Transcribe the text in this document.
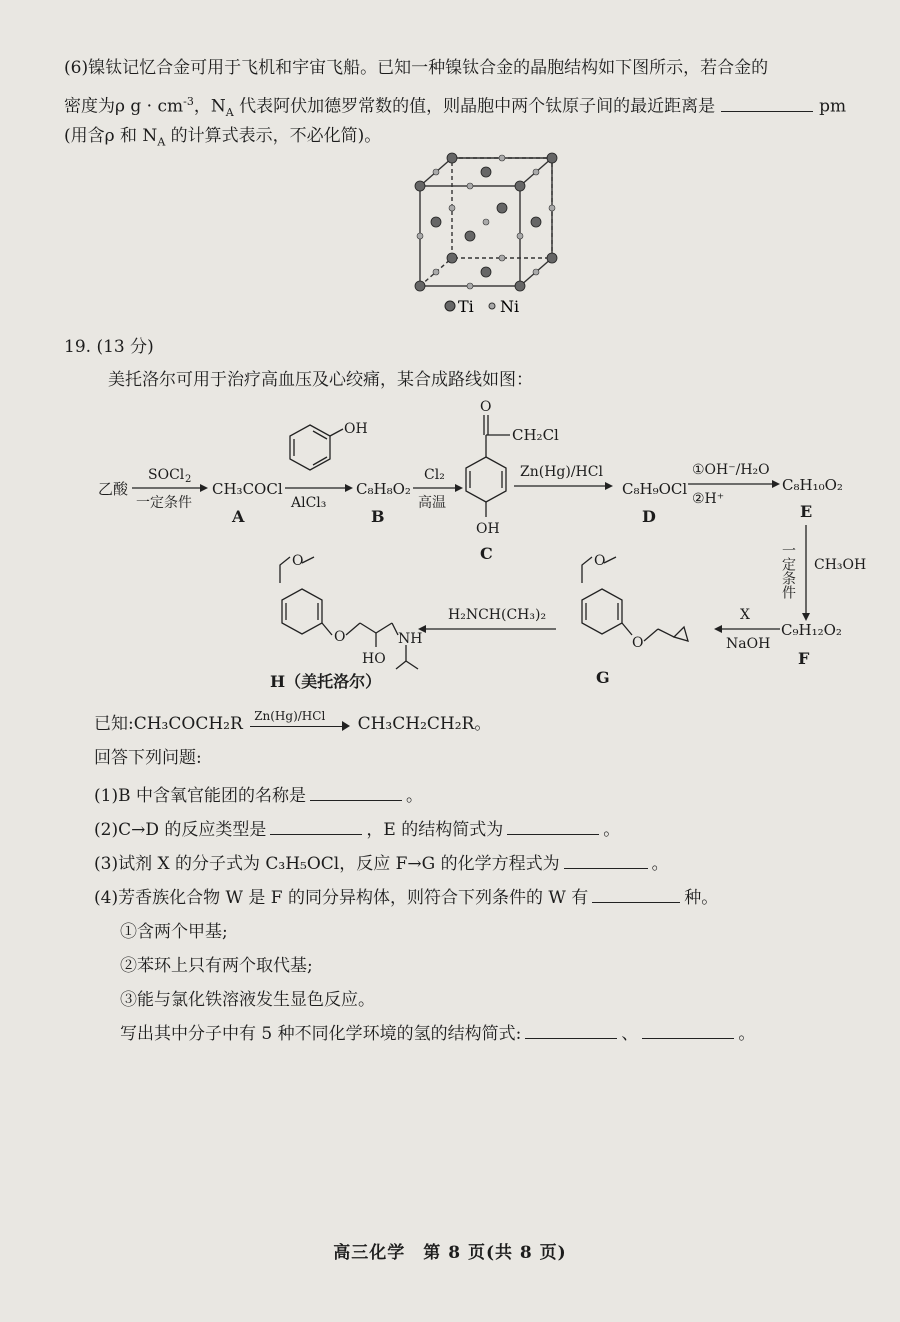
(6)镍钛记忆合金可用于飞机和宇宙飞船。已知一种镍钛合金的晶胞结构如下图所示，若合金的
密度为ρ $g \cdot cm^{-3}$，$N_A$ 代表阿伏加德罗常数的值，则晶胞中两个钛原子间的最近距离是	pm
(用含ρ 和 $N_A$ 的计算式表示，不必化简)。
Ti Ni
19. (13 分)
美托洛尔可用于治疗高血压及心绞痛，某合成路线如图：
乙酸
SOCl 2
一定条件
CH₃COCl
A
OH
AlCl₃
C₈H₈O₂
B
Cl₂
高温
O
CH₂Cl
OH
C
Zn(Hg)/HCl
C₈H₉OCl
D
①OH⁻/H₂O
②H⁺
C₈H₁₀O₂
E
一定条件 CH₃OH
C₉H₁₂O₂
F
X
NaOH
O
O
G
H₂NCH(CH₃)₂
O
O
HO
NH
H（美托洛尔）
已知:CH₃COCH₂R Zn(Hg)/HCl CH₃CH₂CH₂R。
回答下列问题:
(1)B 中含氧官能团的名称是	。
(2)C→D 的反应类型是	，E 的结构简式为	。
(3)试剂 X 的分子式为 C₃H₅OCl，反应 F→G 的化学方程式为	。
(4)芳香族化合物 W 是 F 的同分异构体，则符合下列条件的 W 有	种。
①含两个甲基;
②苯环上只有两个取代基;
③能与氯化铁溶液发生显色反应。
写出其中分子中有 5 种不同化学环境的氢的结构简式:	、	。
高三化学　第 8 页(共 8 页)
